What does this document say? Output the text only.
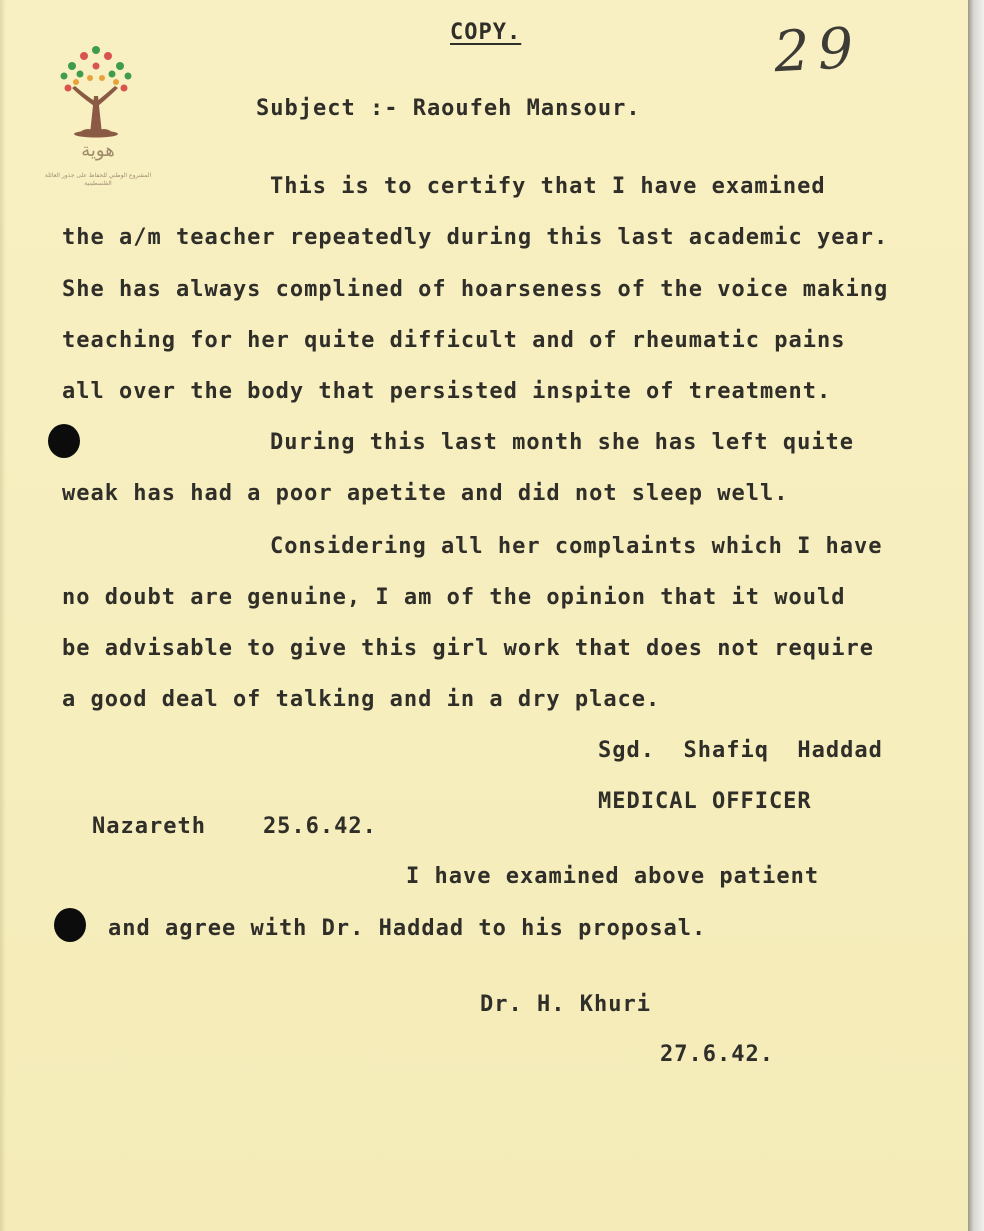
هوية
المشروع الوطني للحفاظ على جذور العائلة الفلسطينية
COPY.	29
Subject :- Raoufeh Mansour.
This is to certify that I have examined
the a/m teacher repeatedly during this last academic year.
She has always complined of hoarseness of the voice making
teaching for her quite difficult and of rheumatic pains
all over the body that persisted inspite of treatment.
During this last month she has left quite
weak has had a poor apetite and did not sleep well.
Considering all her complaints which I have
no doubt are genuine, I am of the opinion that it would
be advisable to give this girl work that does not require
a good deal of talking and in a dry place.
Sgd.  Shafiq  Haddad
MEDICAL OFFICER
Nazareth    25.6.42.
I have examined above patient
and agree with Dr. Haddad to his proposal.
Dr. H. Khuri
27.6.42.
